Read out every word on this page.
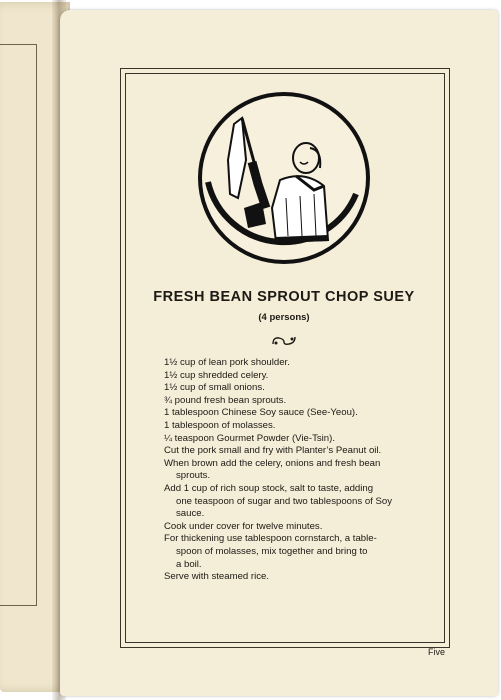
FRESH BEAN SPROUT CHOP SUEY
(4 persons)
1½ cup of lean pork shoulder.
1½ cup shredded celery.
1½ cup of small onions.
¾ pound fresh bean sprouts.
1 tablespoon Chinese Soy sauce (See-Yeou).
1 tablespoon of molasses.
¼ teaspoon Gourmet Powder (Vie-Tsin).
Cut the pork small and fry with Planter’s Peanut oil.
When brown add the celery, onions and fresh bean
sprouts.
Add 1 cup of rich soup stock, salt to taste, adding
one teaspoon of sugar and two tablespoons of Soy
sauce.
Cook under cover for twelve minutes.
For thickening use tablespoon cornstarch, a table-
spoon of molasses, mix together and bring to
a boil.
Serve with steamed rice.
Five
